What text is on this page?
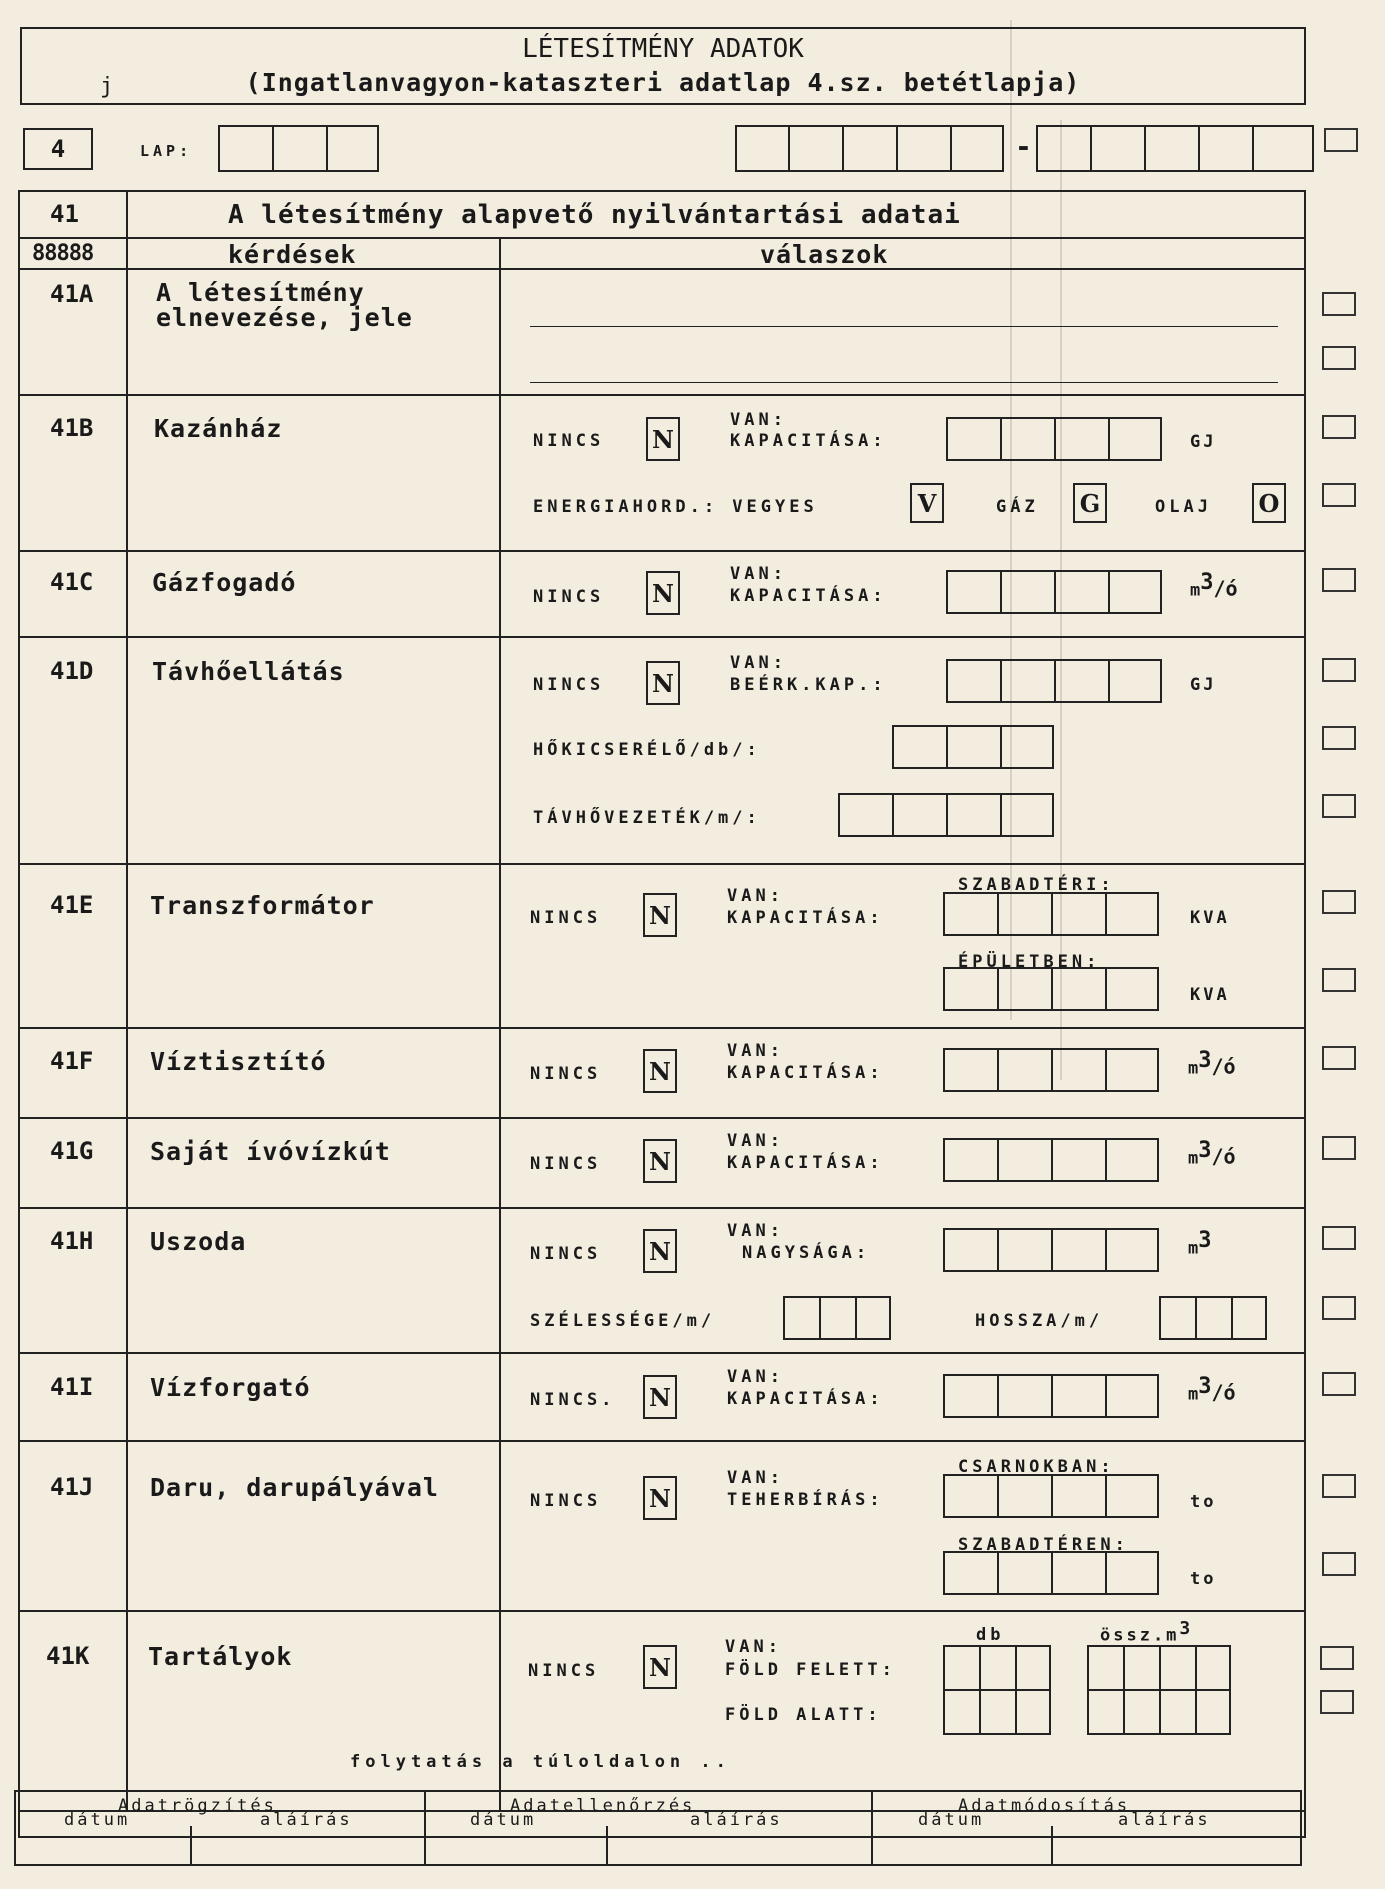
LÉTESÍTMÉNY ADATOK
(Ingatlanvagyon-kataszteri adatlap 4.sz. betétlapja)
j
4	LAP:	-
41	A létesítmény alapvető nyilvántartási adatai
88888	kérdések	válaszok
41A	A létesítmény
elnevezése, jele
41B Kazánház	NINCS N
VAN:
KAPACITÁSA:	GJ
ENERGIAHORD.: VEGYES	V	GÁZ G	OLAJ O
41C Gázfogadó	NINCS N
VAN:
KAPACITÁSA:	$m^3/ó$
41D Távhőellátás	NINCS N
VAN:
BEÉRK.KAP.:	GJ
HŐKICSERÉLŐ/db/:
TÁVHŐVEZETÉK/m/:
41E Transzformátor
SZABADTÉRI:
NINCS N
VAN:
KAPACITÁSA:	KVA
ÉPÜLETBEN:
KVA
41F Víztisztító	NINCS N
VAN:
KAPACITÁSA:	$m^3/ó$
41G Saját ívóvízkút	NINCS N
VAN:
KAPACITÁSA:	$m^3/ó$
41H Uszoda	NINCS N
VAN:
NAGYSÁGA:	$m^3$
SZÉLESSÉGE/m/	HOSSZA/m/
41I Vízforgató	NINCS. N
VAN:
KAPACITÁSA:	$m^3/ó$
41J Daru, darupályával
CSARNOKBAN:
NINCS N
VAN:
TEHERBÍRÁS:	to
SZABADTÉREN:
to
41K Tartályok
db	$össz.m^3$
NINCS N
VAN:
FÖLD FELETT:
FÖLD ALATT:
folytatás a túloldalon ..
Adatrögzítés
dátum	aláírás
Adatellenőrzés
dátum	aláírás
Adatmódosítás
dátum	aláírás
